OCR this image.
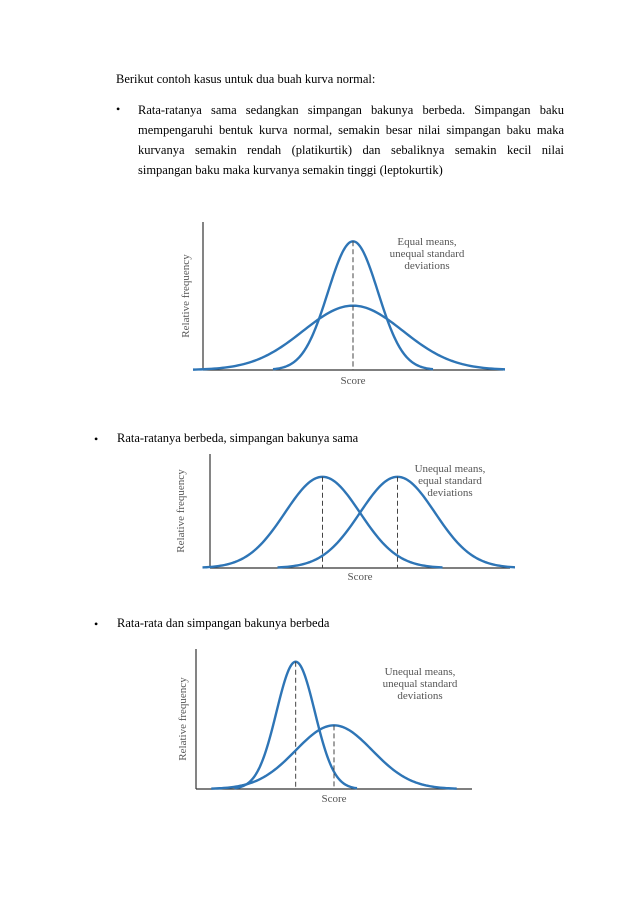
Berikut contoh kasus untuk dua buah kurva normal:
• Rata-ratanya sama sedangkan simpangan bakunya berbeda. Simpangan baku
mempengaruhi bentuk kurva normal, semakin besar nilai simpangan baku maka
kurvanya semakin rendah (platikurtik) dan sebaliknya semakin kecil nilai
simpangan baku maka kurvanya semakin tinggi (leptokurtik)
Relative frequency
Score
Equal means,
unequal standard
deviations
• Rata-ratanya berbeda, simpangan bakunya sama
Relative frequency
Score
Unequal means,
equal standard
deviations
• Rata-rata dan simpangan bakunya berbeda
Relative frequency
Score
Unequal means,
unequal standard
deviations
